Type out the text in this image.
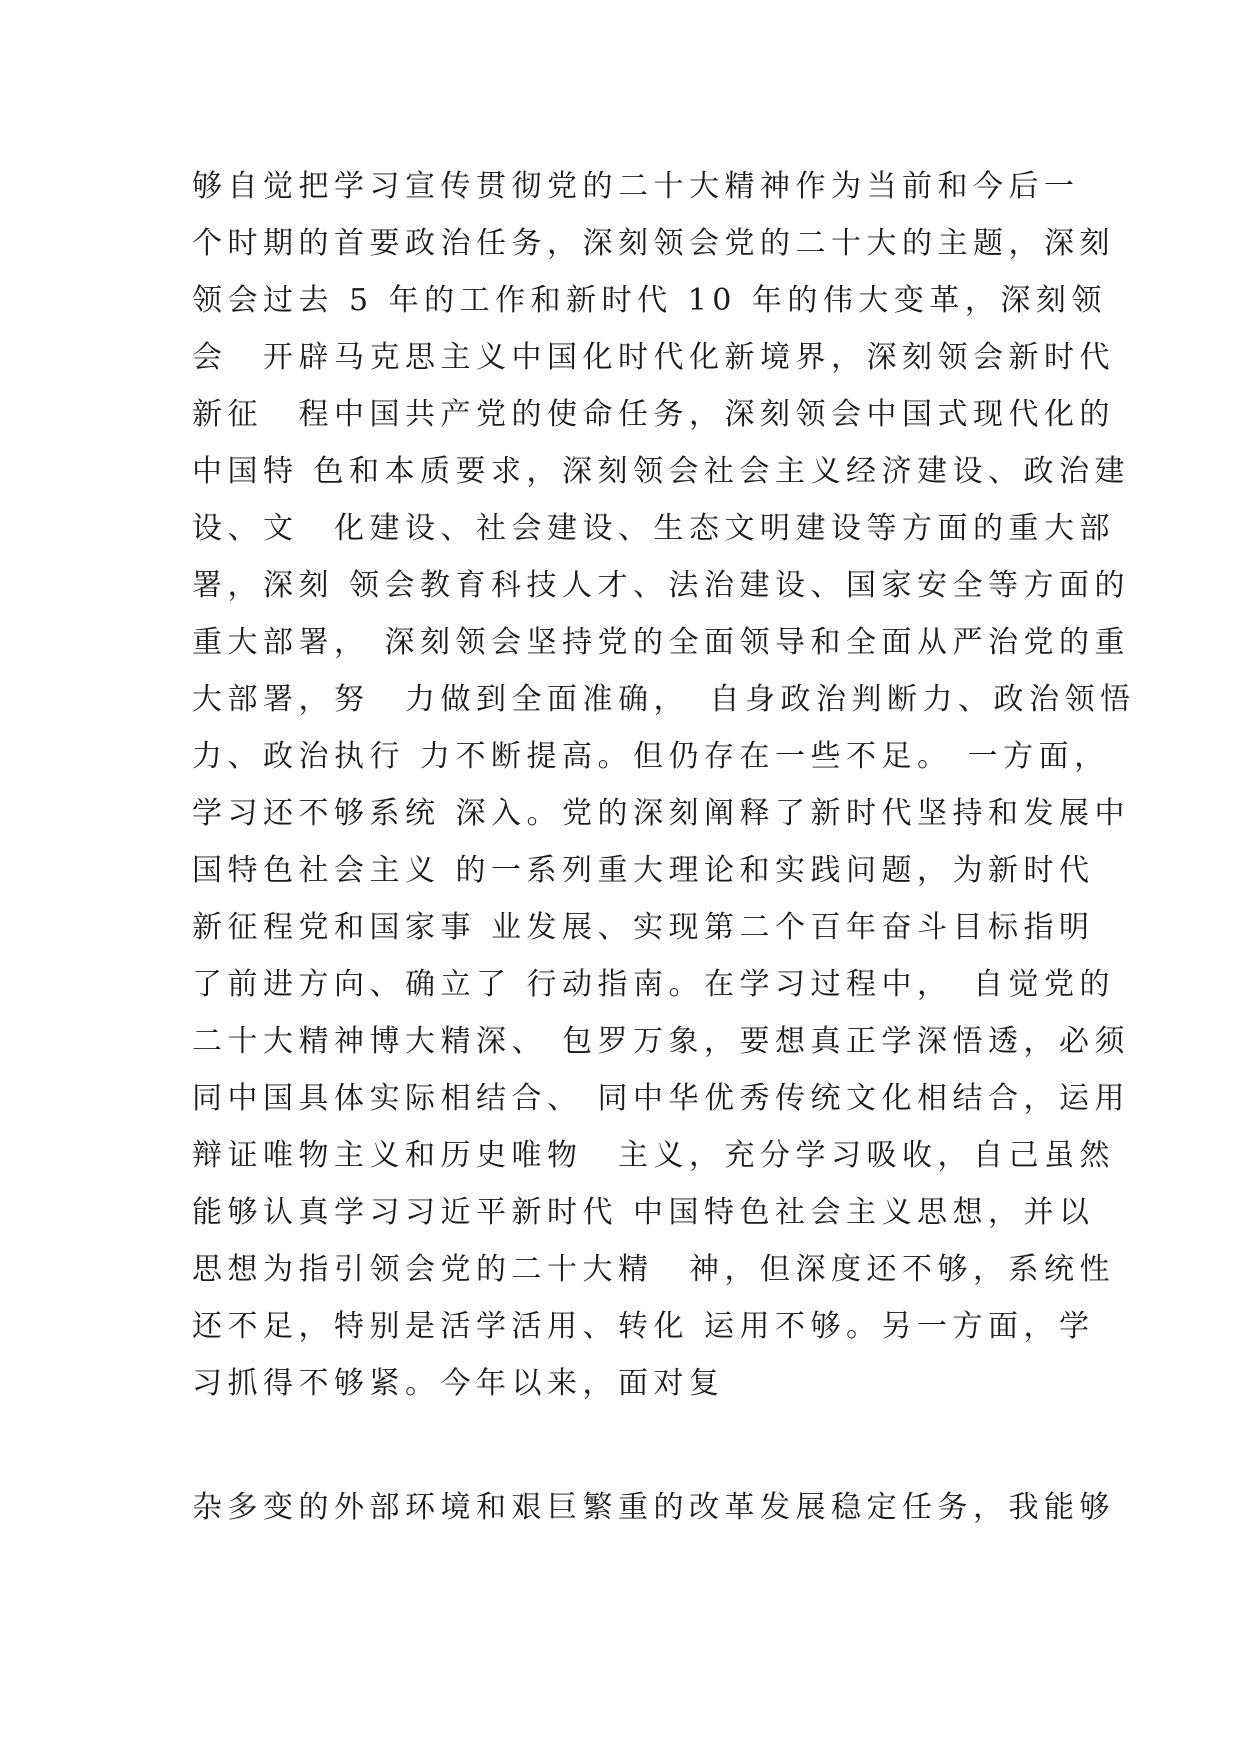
够自觉把学习宣传贯彻党的二十大精神作为当前和今后一
个时期的首要政治任务，深刻领会党的二十大的主题，深刻
领会过去 5 年的工作和新时代 10 年的伟大变革，深刻领
会　开辟马克思主义中国化时代化新境界，深刻领会新时代
新征　程中国共产党的使命任务，深刻领会中国式现代化的
中国特 色和本质要求，深刻领会社会主义经济建设、政治建
设、文　化建设、社会建设、生态文明建设等方面的重大部
署，深刻 领会教育科技人才、法治建设、国家安全等方面的
重大部署， 深刻领会坚持党的全面领导和全面从严治党的重
大部署，努　力做到全面准确，　自身政治判断力、政治领悟
力、政治执行 力不断提高。但仍存在一些不足。 一方面，
学习还不够系统 深入。党的深刻阐释了新时代坚持和发展中
国特色社会主义 的一系列重大理论和实践问题，为新时代
新征程党和国家事 业发展、实现第二个百年奋斗目标指明
了前进方向、确立了 行动指南。在学习过程中，　自觉党的
二十大精神博大精深、 包罗万象，要想真正学深悟透，必须
同中国具体实际相结合、 同中华优秀传统文化相结合，运用
辩证唯物主义和历史唯物　主义，充分学习吸收，自己虽然
能够认真学习习近平新时代 中国特色社会主义思想，并以
思想为指引领会党的二十大精　神，但深度还不够，系统性
还不足，特别是活学活用、转化 运用不够。另一方面，学
习抓得不够紧。今年以来，面对复
杂多变的外部环境和艰巨繁重的改革发展稳定任务，我能够
